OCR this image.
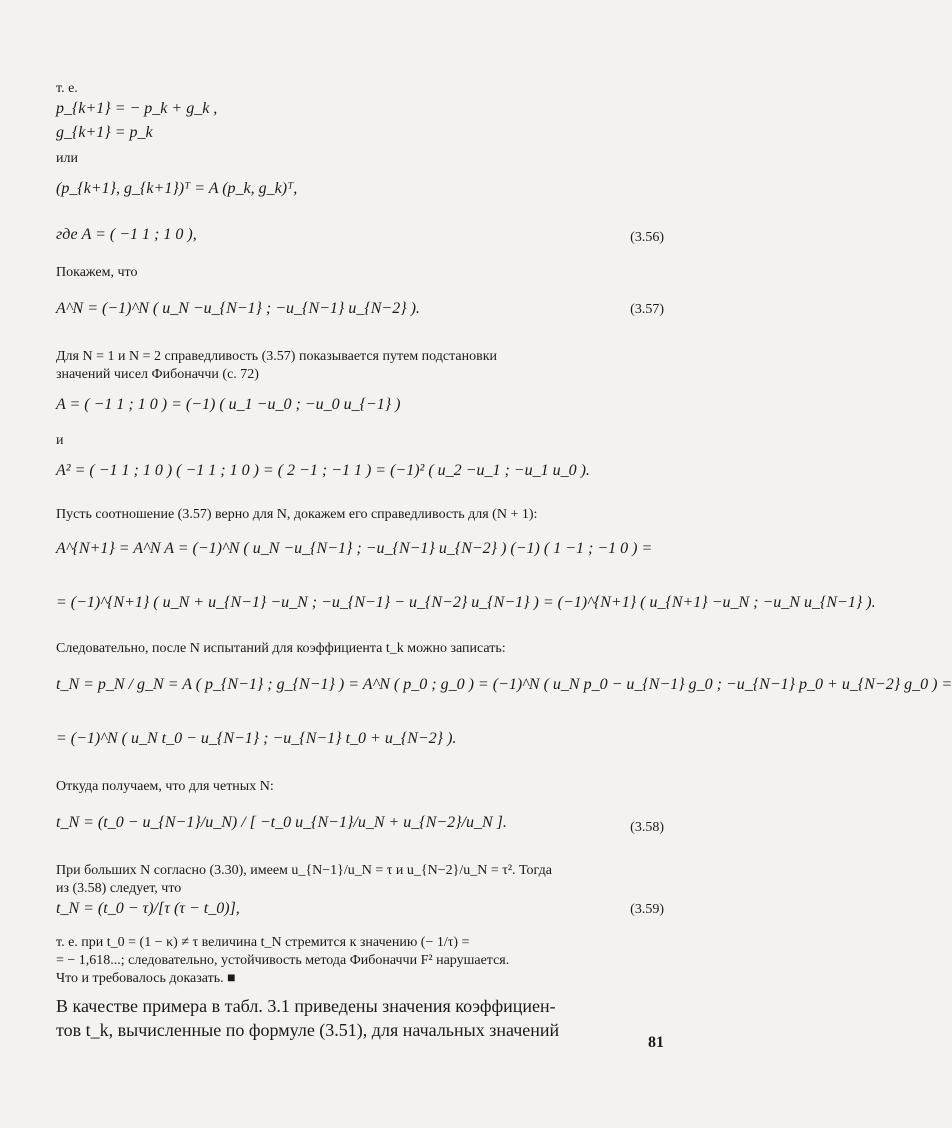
т. е.
p_{k+1} = − p_k + g_k ,
g_{k+1} = p_k
или
(p_{k+1}, g_{k+1})ᵀ = A (p_k, g_k)ᵀ,
где A = ( −1 1 ; 1 0 ),	(3.56)
Покажем, что
A^N = (−1)^N ( u_N −u_{N−1} ; −u_{N−1} u_{N−2} ).	(3.57)
Для N = 1 и N = 2 справедливость (3.57) показывается путем подстановки
значений чисел Фибоначчи (с. 72)
A = ( −1 1 ; 1 0 ) = (−1) ( u_1 −u_0 ; −u_0 u_{−1} )
и
A² = ( −1 1 ; 1 0 ) ( −1 1 ; 1 0 ) = ( 2 −1 ; −1 1 ) = (−1)² ( u_2 −u_1 ; −u_1 u_0 ).
Пусть соотношение (3.57) верно для N, докажем его справедливость для (N + 1):
A^{N+1} = A^N A = (−1)^N ( u_N −u_{N−1} ; −u_{N−1} u_{N−2} ) (−1) ( 1 −1 ; −1 0 ) =
= (−1)^{N+1} ( u_N + u_{N−1} −u_N ; −u_{N−1} − u_{N−2} u_{N−1} ) = (−1)^{N+1} ( u_{N+1} −u_N ; −u_N u_{N−1} ).
Следовательно, после N испытаний для коэффициента t_k можно записать:
t_N = p_N / g_N = A ( p_{N−1} ; g_{N−1} ) = A^N ( p_0 ; g_0 ) = (−1)^N ( u_N p_0 − u_{N−1} g_0 ; −u_{N−1} p_0 + u_{N−2} g_0 ) =
= (−1)^N ( u_N t_0 − u_{N−1} ; −u_{N−1} t_0 + u_{N−2} ).
Откуда получаем, что для четных N:
t_N = (t_0 − u_{N−1}/u_N) / [ −t_0 u_{N−1}/u_N + u_{N−2}/u_N ].	(3.58)
При больших N согласно (3.30), имеем u_{N−1}/u_N = τ и u_{N−2}/u_N = τ². Тогда
из (3.58) следует, что
t_N = (t_0 − τ)/[τ (τ − t_0)],	(3.59)
т. е. при t_0 = (1 − κ) ≠ τ величина t_N стремится к значению (− 1/τ) =
= − 1,618...; следовательно, устойчивость метода Фибоначчи F² нарушается.
Что и требовалось доказать. ■
В качестве примера в табл. 3.1 приведены значения коэффициен-
тов t_k, вычисленные по формуле (3.51), для начальных значений
81
